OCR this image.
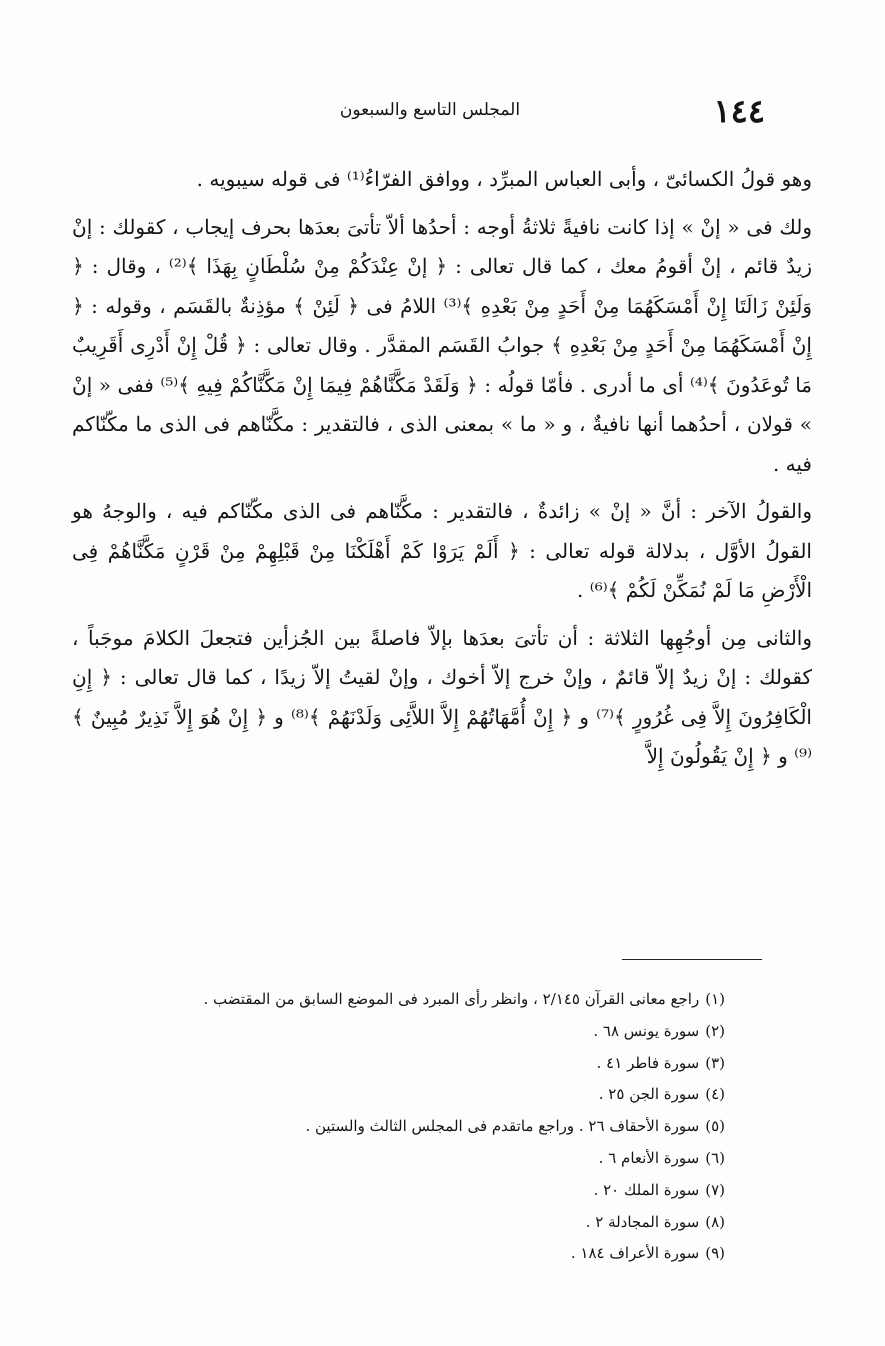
١٤٤
المجلس التاسع والسبعون

وهو قولُ الكسائىّ ، وأبى العباس المبرِّد ، ووافق الفرّاءُ⁽¹⁾ فى قوله سيبويه .

ولك فى « إنْ » إذا كانت نافيةً ثلاثةُ أوجه : أحدُها ألاّ تأتىَ بعدَها بحرف إيجاب ، كقولك : إنْ زيدٌ قائم ، إنْ أقومُ معك ، كما قال تعالى : ﴿ إنْ عِنْدَكُمْ مِنْ سُلْطَانٍ بِهَذَا ﴾⁽²⁾ ، وقال : ﴿ وَلَئِنْ زَالَتَا إِنْ أَمْسَكَهُمَا مِنْ أَحَدٍ مِنْ بَعْدِهِ ﴾⁽³⁾ اللامُ فى ﴿ لَئِنْ ﴾ مؤذِنةٌ بالقَسَم ، وقوله : ﴿ إِنْ أَمْسَكَهُمَا مِنْ أَحَدٍ مِنْ بَعْدِهِ ﴾ جوابُ القَسَم المقدَّر . وقال تعالى : ﴿ قُلْ إِنْ أَدْرِى أَقَرِيبٌ مَا تُوعَدُونَ ﴾⁽⁴⁾ أى ما أدرى . فأمّا قولُه : ﴿ وَلَقَدْ مَكَّنَّاهُمْ فِيمَا إِنْ مَكَّنَّاكُمْ فِيهِ ﴾⁽⁵⁾ ففى « إنْ » قولان ، أحدُهما أنها نافيةٌ ، و « ما » بمعنى الذى ، فالتقدير : مكَّنّاهم فى الذى ما مكّنّاكم فيه .

والقولُ الآخر : أنَّ « إنْ » زائدةٌ ، فالتقدير : مكَّنّاهم فى الذى مكّنّاكم فيه ، والوجهُ هو القولُ الأوَّل ، بدلالة قوله تعالى : ﴿ أَلَمْ يَرَوْا كَمْ أَهْلَكْنَا مِنْ قَبْلِهِمْ مِنْ قَرْنٍ مَكَّنَّاهُمْ فِى الْأَرْضِ مَا لَمْ نُمَكِّنْ لَكُمْ ﴾⁽⁶⁾ .

والثانى مِن أوجُهِها الثلاثة : أن تأتىَ بعدَها بإلاّ فاصلةً بين الجُزأين فتجعلَ الكلامَ موجَباً ، كقولك : إنْ زيدٌ إلاّ قائمٌ ، وإنْ خرج إلاّ أخوك ، وإنْ لقيتُ إلاّ زيدًا ، كما قال تعالى : ﴿ إِنِ الْكَافِرُونَ إِلاَّ فِى غُرُورٍ ﴾⁽⁷⁾ و ﴿ إِنْ أُمَّهَاتُهُمْ إِلاَّ اللاَّئِى وَلَدْنَهُمْ ﴾⁽⁸⁾ و ﴿ إِنْ هُوَ إِلاَّ نَذِيرٌ مُبِينٌ ﴾⁽⁹⁾ و ﴿ إِنْ يَقُولُونَ إِلاَّ

(١)راجع معانى القرآن ٢/١٤٥ ، وانظر رأى المبرد فى الموضع السابق من المقتضب .
(٢)سورة يونس ٦٨ .
(٣)سورة فاطر ٤١ .
(٤)سورة الجن ٢٥ .
(٥)سورة الأحقاف ٢٦ . وراجع ماتقدم فى المجلس الثالث والستين .
(٦)سورة الأنعام ٦ .
(٧)سورة الملك ٢٠ .
(٨)سورة المجادلة ٢ .
(٩)سورة الأعراف ١٨٤ .
